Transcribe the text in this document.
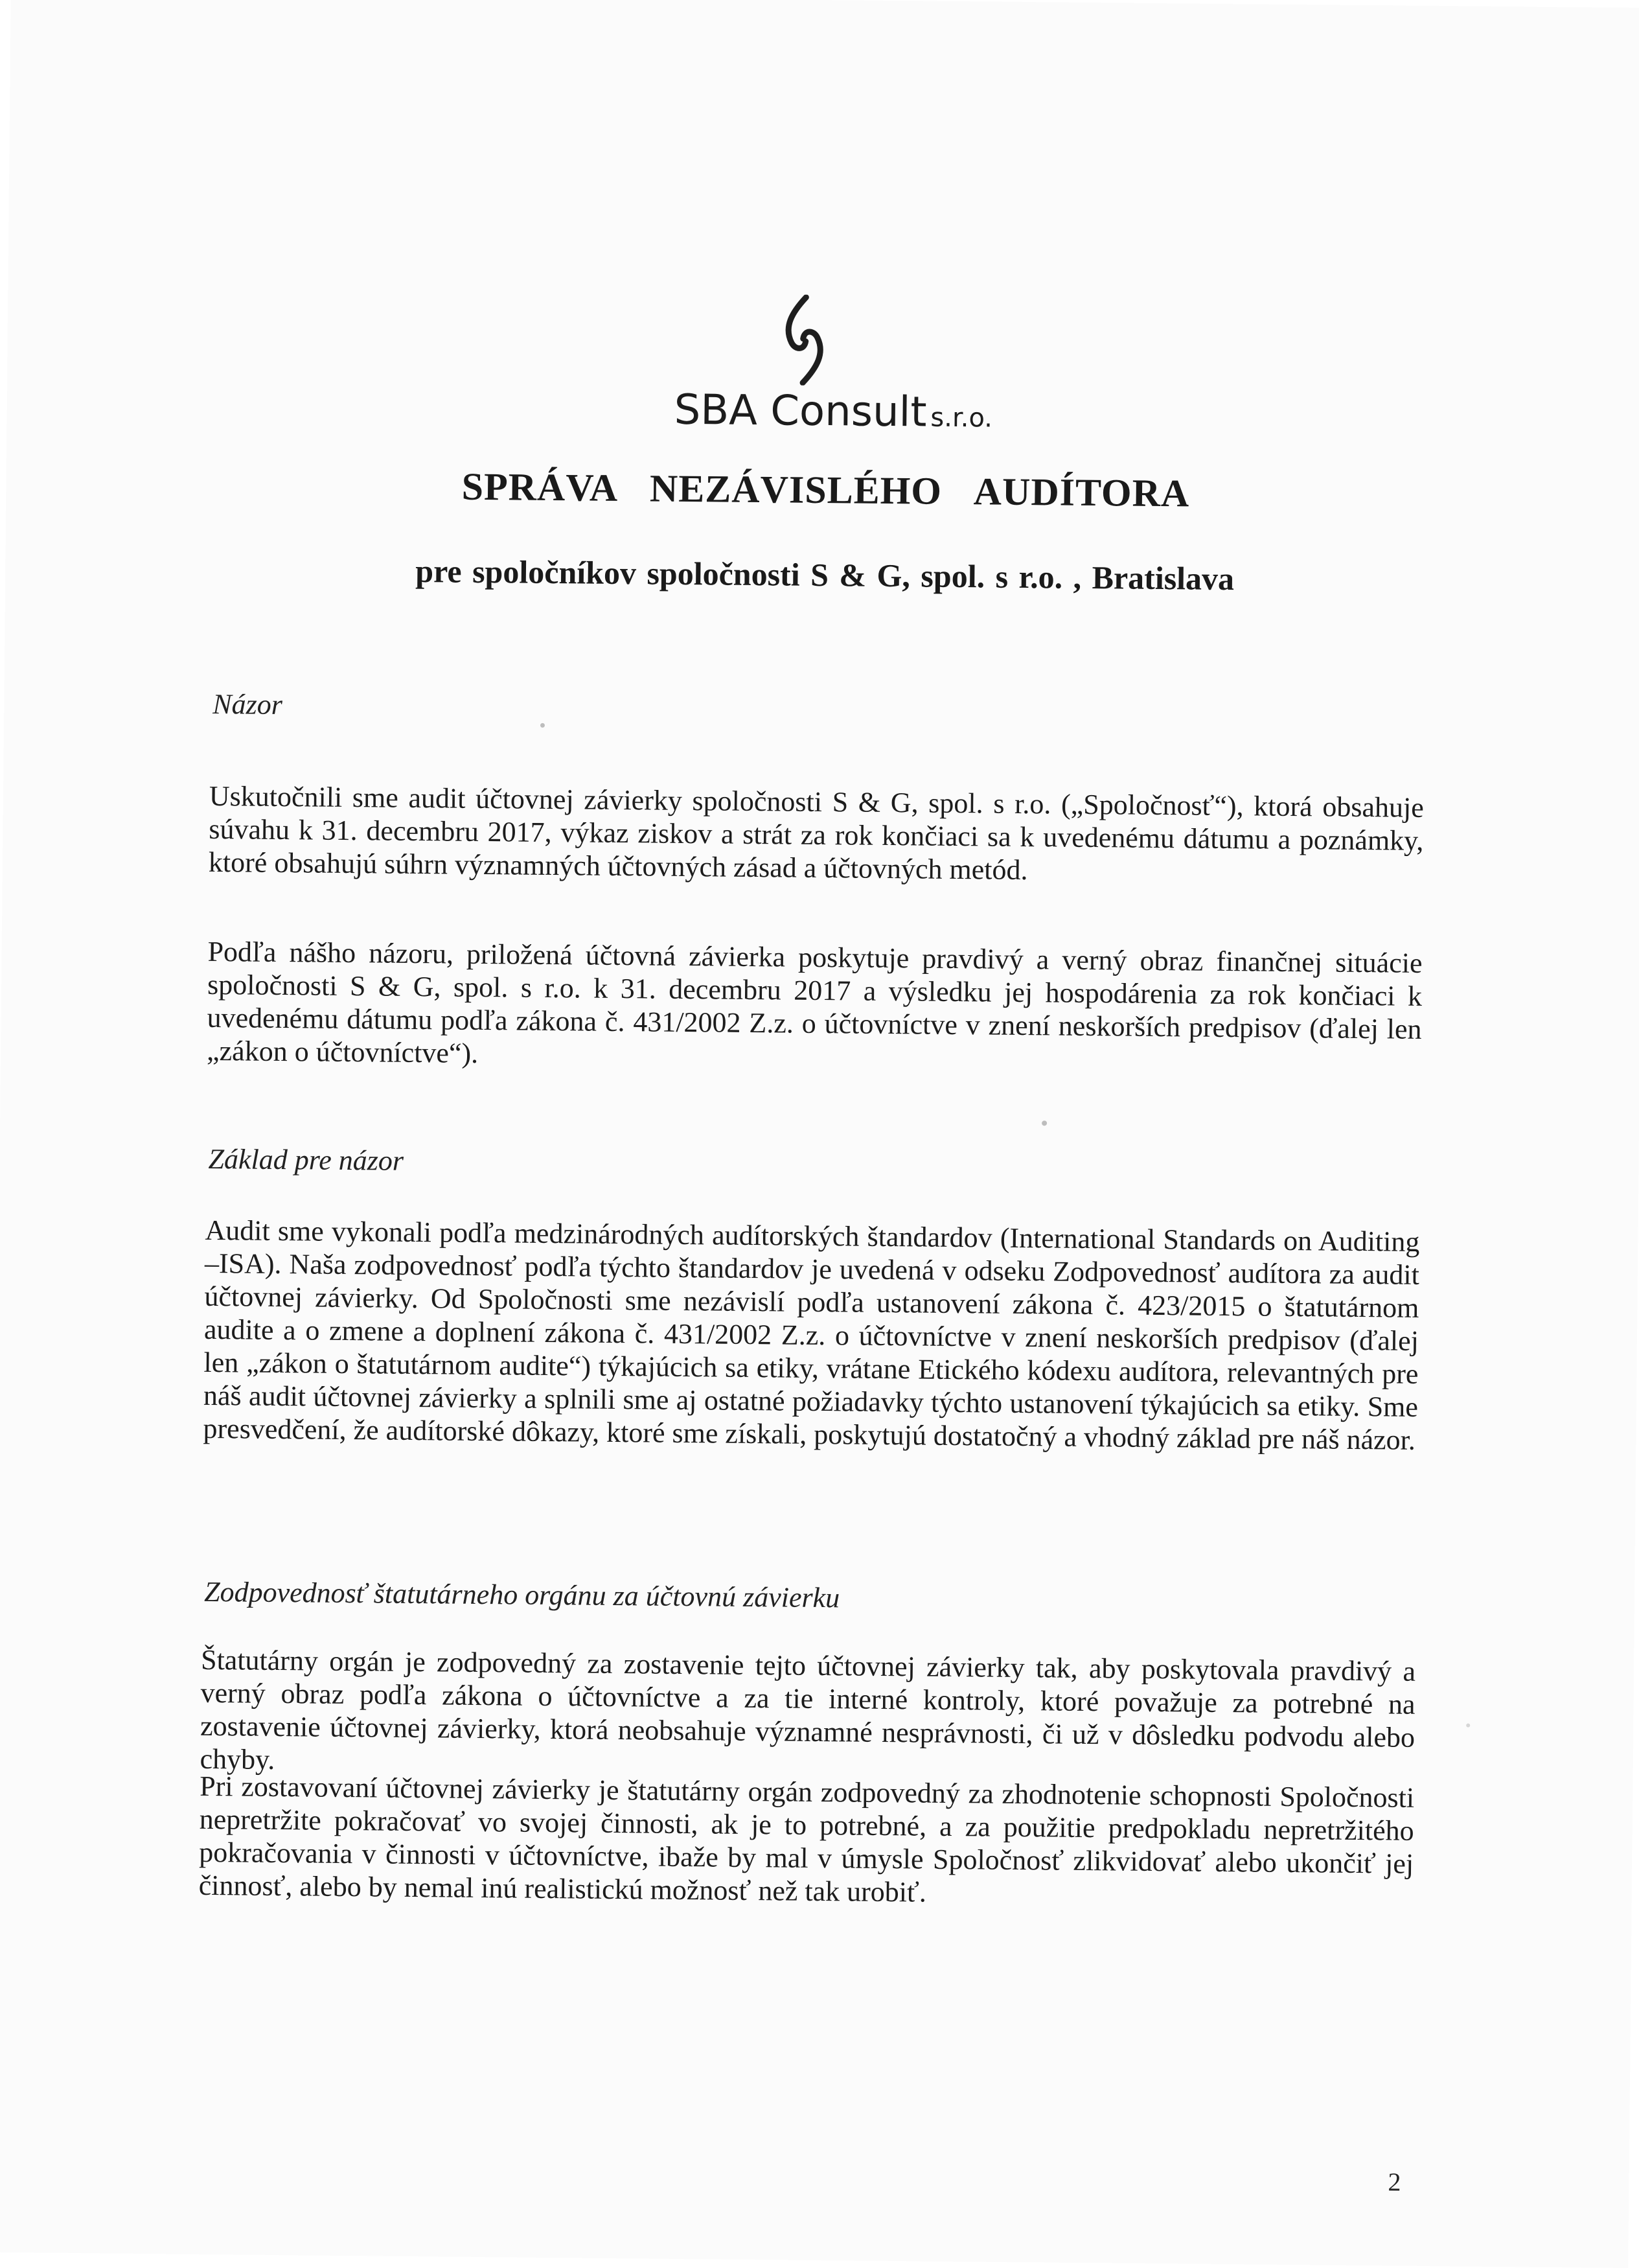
SBA Consult s.r.o.
SPRÁVA NEZÁVISLÉHO AUDÍTORA
pre spoločníkov spoločnosti S & G, spol. s r.o. , Bratislava
Názor
Uskutočnili sme audit účtovnej závierky spoločnosti S & G, spol. s r.o. („Spoločnosť“), ktorá obsahuje súvahu k 31. decembru 2017, výkaz ziskov a strát za rok končiaci sa k uvedenému dátumu a poznámky, ktoré obsahujú súhrn významných účtovných zásad a účtovných metód.
Podľa nášho názoru, priložená účtovná závierka poskytuje pravdivý a verný obraz finančnej situácie spoločnosti S & G, spol. s r.o. k 31. decembru 2017 a výsledku jej hospodárenia za rok končiaci k uvedenému dátumu podľa zákona č. 431/2002 Z.z. o účtovníctve v znení neskorších predpisov (ďalej len „zákon o účtovníctve“).
Základ pre názor
Audit sme vykonali podľa medzinárodných audítorských štandardov (International Standards on Auditing –ISA). Naša zodpovednosť podľa týchto štandardov je uvedená v odseku Zodpovednosť audítora za audit účtovnej závierky. Od Spoločnosti sme nezávislí podľa ustanovení zákona č. 423/2015 o štatutárnom audite a o zmene a doplnení zákona č. 431/2002 Z.z. o účtovníctve v znení neskorších predpisov (ďalej len „zákon o štatutárnom audite“) týkajúcich sa etiky, vrátane Etického kódexu audítora, relevantných pre náš audit účtovnej závierky a splnili sme aj ostatné požiadavky týchto ustanovení týkajúcich sa etiky. Sme presvedčení, že audítorské dôkazy, ktoré sme získali, poskytujú dostatočný a vhodný základ pre náš názor.
Zodpovednosť štatutárneho orgánu za účtovnú závierku
Štatutárny orgán je zodpovedný za zostavenie tejto účtovnej závierky tak, aby poskytovala pravdivý a verný obraz podľa zákona o účtovníctve a za tie interné kontroly, ktoré považuje za potrebné na zostavenie účtovnej závierky, ktorá neobsahuje významné nesprávnosti, či už v dôsledku podvodu alebo chyby.
Pri zostavovaní účtovnej závierky je štatutárny orgán zodpovedný za zhodnotenie schopnosti Spoločnosti nepretržite pokračovať vo svojej činnosti, ak je to potrebné, a za použitie predpokladu nepretržitého pokračovania v činnosti v účtovníctve, ibaže by mal v úmysle Spoločnosť zlikvidovať alebo ukončiť jej činnosť, alebo by nemal inú realistickú možnosť než tak urobiť.
2
